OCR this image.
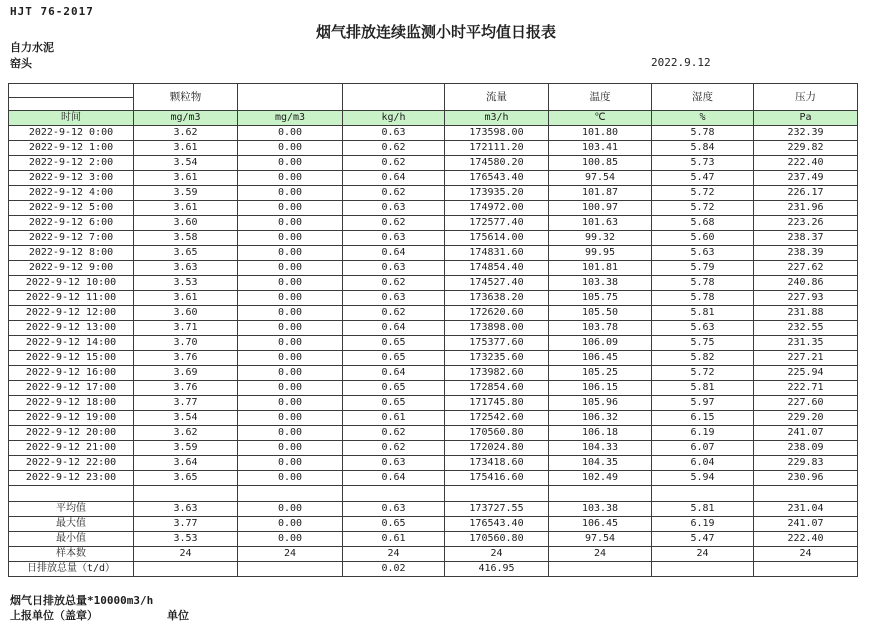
HJT 76-2017
烟气排放连续监测小时平均值日报表
自力水泥
窑头	2022.9.12
	颗粒物			流量	温度	湿度	压力
时间	mg/m3	mg/m3	kg/h	m3/h	℃	%	Pa
2022-9-12 0:00	3.62	0.00	0.63	173598.00	101.80	5.78	232.39
2022-9-12 1:00	3.61	0.00	0.62	172111.20	103.41	5.84	229.82
2022-9-12 2:00	3.54	0.00	0.62	174580.20	100.85	5.73	222.40
2022-9-12 3:00	3.61	0.00	0.64	176543.40	97.54	5.47	237.49
2022-9-12 4:00	3.59	0.00	0.62	173935.20	101.87	5.72	226.17
2022-9-12 5:00	3.61	0.00	0.63	174972.00	100.97	5.72	231.96
2022-9-12 6:00	3.60	0.00	0.62	172577.40	101.63	5.68	223.26
2022-9-12 7:00	3.58	0.00	0.63	175614.00	99.32	5.60	238.37
2022-9-12 8:00	3.65	0.00	0.64	174831.60	99.95	5.63	238.39
2022-9-12 9:00	3.63	0.00	0.63	174854.40	101.81	5.79	227.62
2022-9-12 10:00	3.53	0.00	0.62	174527.40	103.38	5.78	240.86
2022-9-12 11:00	3.61	0.00	0.63	173638.20	105.75	5.78	227.93
2022-9-12 12:00	3.60	0.00	0.62	172620.60	105.50	5.81	231.88
2022-9-12 13:00	3.71	0.00	0.64	173898.00	103.78	5.63	232.55
2022-9-12 14:00	3.70	0.00	0.65	175377.60	106.09	5.75	231.35
2022-9-12 15:00	3.76	0.00	0.65	173235.60	106.45	5.82	227.21
2022-9-12 16:00	3.69	0.00	0.64	173982.60	105.25	5.72	225.94
2022-9-12 17:00	3.76	0.00	0.65	172854.60	106.15	5.81	222.71
2022-9-12 18:00	3.77	0.00	0.65	171745.80	105.96	5.97	227.60
2022-9-12 19:00	3.54	0.00	0.61	172542.60	106.32	6.15	229.20
2022-9-12 20:00	3.62	0.00	0.62	170560.80	106.18	6.19	241.07
2022-9-12 21:00	3.59	0.00	0.62	172024.80	104.33	6.07	238.09
2022-9-12 22:00	3.64	0.00	0.63	173418.60	104.35	6.04	229.83
2022-9-12 23:00	3.65	0.00	0.64	175416.60	102.49	5.94	230.96

平均值	3.63	0.00	0.63	173727.55	103.38	5.81	231.04
最大值	3.77	0.00	0.65	176543.40	106.45	6.19	241.07
最小值	3.53	0.00	0.61	170560.80	97.54	5.47	222.40
样本数	24	24	24	24	24	24	24
日排放总量（t/d）			0.02	416.95			
烟气日排放总量*10000m3/h
上报单位（盖章）	单位
